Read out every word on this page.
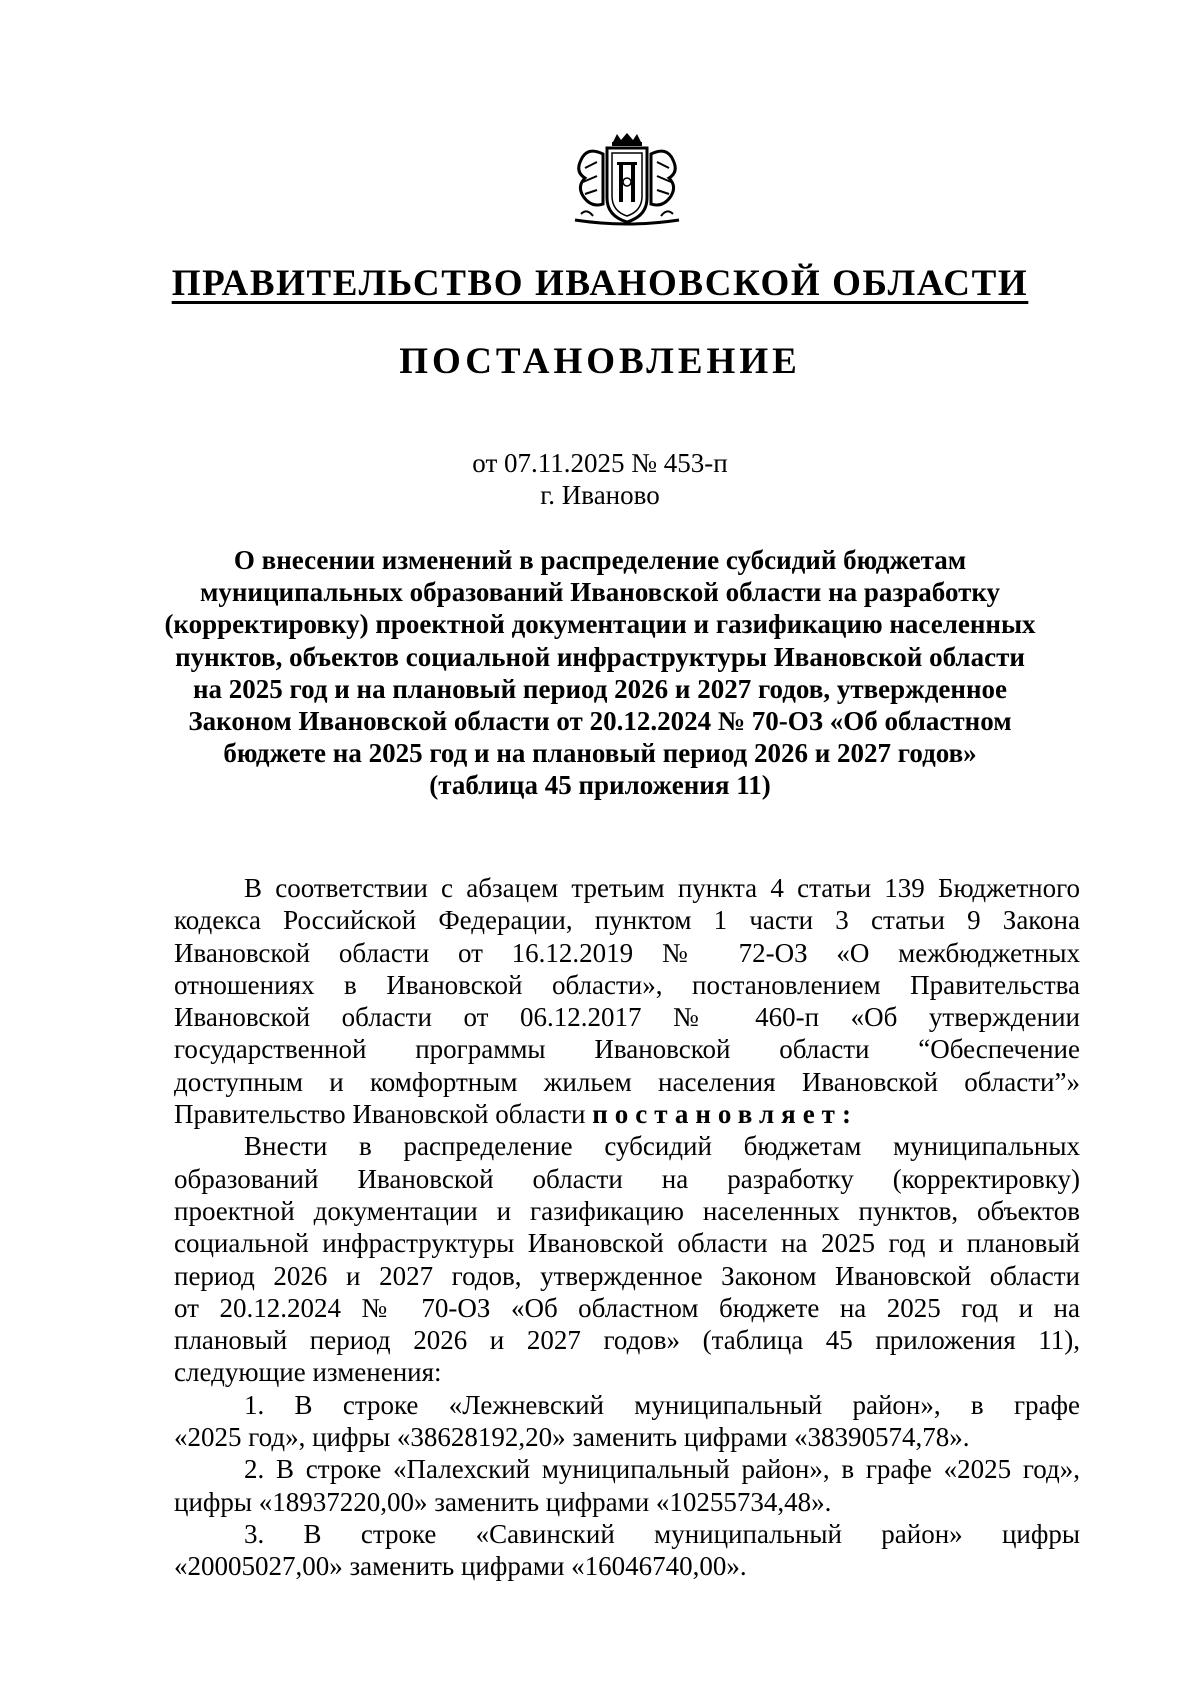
ПРАВИТЕЛЬСТВО ИВАНОВСКОЙ ОБЛАСТИ
ПОСТАНОВЛЕНИЕ
от 07.11.2025 № 453-п
г. Иваново
О внесении изменений в распределение субсидий бюджетам
муниципальных образований Ивановской области на разработку
(корректировку) проектной документации и газификацию населенных
пунктов, объектов социальной инфраструктуры Ивановской области
на 2025 год и на плановый период 2026 и 2027 годов, утвержденное
Законом Ивановской области от 20.12.2024 № 70-ОЗ «Об областном
бюджете на 2025 год и на плановый период 2026 и 2027 годов»
(таблица 45 приложения 11)
В соответствии с абзацем третьим пункта 4 статьи 139 Бюджетного
кодекса Российской Федерации, пунктом 1 части 3 статьи 9 Закона
Ивановской области от 16.12.2019 № 72-ОЗ «О межбюджетных
отношениях в Ивановской области», постановлением Правительства
Ивановской области от 06.12.2017 № 460-п «Об утверждении
государственной программы Ивановской области “Обеспечение
доступным и комфортным жильем населения Ивановской области”»
Правительство Ивановской области постановляет:
Внести в распределение субсидий бюджетам муниципальных
образований Ивановской области на разработку (корректировку)
проектной документации и газификацию населенных пунктов, объектов
социальной инфраструктуры Ивановской области на 2025 год и плановый
период 2026 и 2027 годов, утвержденное Законом Ивановской области
от 20.12.2024 № 70-ОЗ «Об областном бюджете на 2025 год и на
плановый период 2026 и 2027 годов» (таблица 45 приложения 11),
следующие изменения:
1. В строке «Лежневский муниципальный район», в графе
«2025 год», цифры «38628192,20» заменить цифрами «38390574,78».
2. В строке «Палехский муниципальный район», в графе «2025 год»,
цифры «18937220,00» заменить цифрами «10255734,48».
3. В строке «Савинский муниципальный район» цифры
«20005027,00» заменить цифрами «16046740,00».
